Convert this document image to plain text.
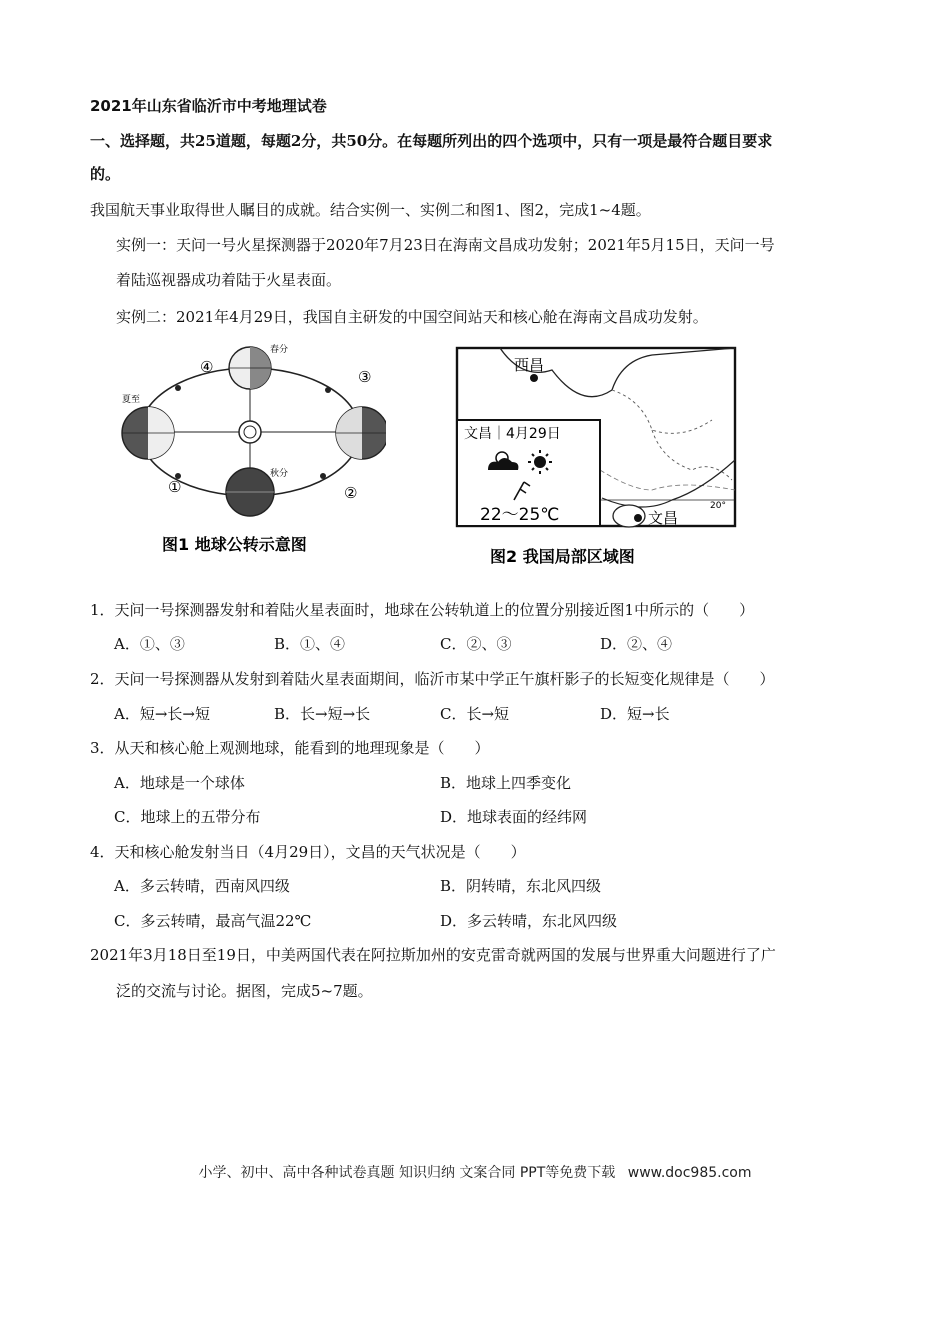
2021年山东省临沂市中考地理试卷
一、选择题，共25道题，每题2分，共50分。在每题所列出的四个选项中，只有一项是最符合题目要求
的。
我国航天事业取得世人瞩目的成就。结合实例一、实例二和图1、图2，完成1~4题。
实例一：天问一号火星探测器于2020年7月23日在海南文昌成功发射；2021年5月15日，天问一号
着陆巡视器成功着陆于火星表面。
实例二：2021年4月29日，我国自主研发的中国空间站天和核心舱在海南文昌成功发射。
春分
夏至
秋分
④
③
①	②
图1 地球公转示意图
西昌
文昌
20°
文昌｜4月29日
22～25℃
图2 我国局部区域图
1．天问一号探测器发射和着陆火星表面时，地球在公转轨道上的位置分别接近图1中所示的（　　）
A．①、③	B．①、④	C．②、③	D．②、④
2．天问一号探测器从发射到着陆火星表面期间，临沂市某中学正午旗杆影子的长短变化规律是（　　）
A．短→长→短	B．长→短→长	C．长→短	D．短→长
3．从天和核心舱上观测地球，能看到的地理现象是（　　）
A．地球是一个球体	B．地球上四季变化
C．地球上的五带分布	D．地球表面的经纬网
4．天和核心舱发射当日（4月29日），文昌的天气状况是（　　）
A．多云转晴，西南风四级	B．阴转晴，东北风四级
C．多云转晴，最高气温22℃	D．多云转晴，东北风四级
2021年3月18日至19日，中美两国代表在阿拉斯加州的安克雷奇就两国的发展与世界重大问题进行了广
泛的交流与讨论。据图，完成5~7题。
小学、初中、高中各种试卷真题 知识归纳 文案合同 PPT等免费下载 www.doc985.com
